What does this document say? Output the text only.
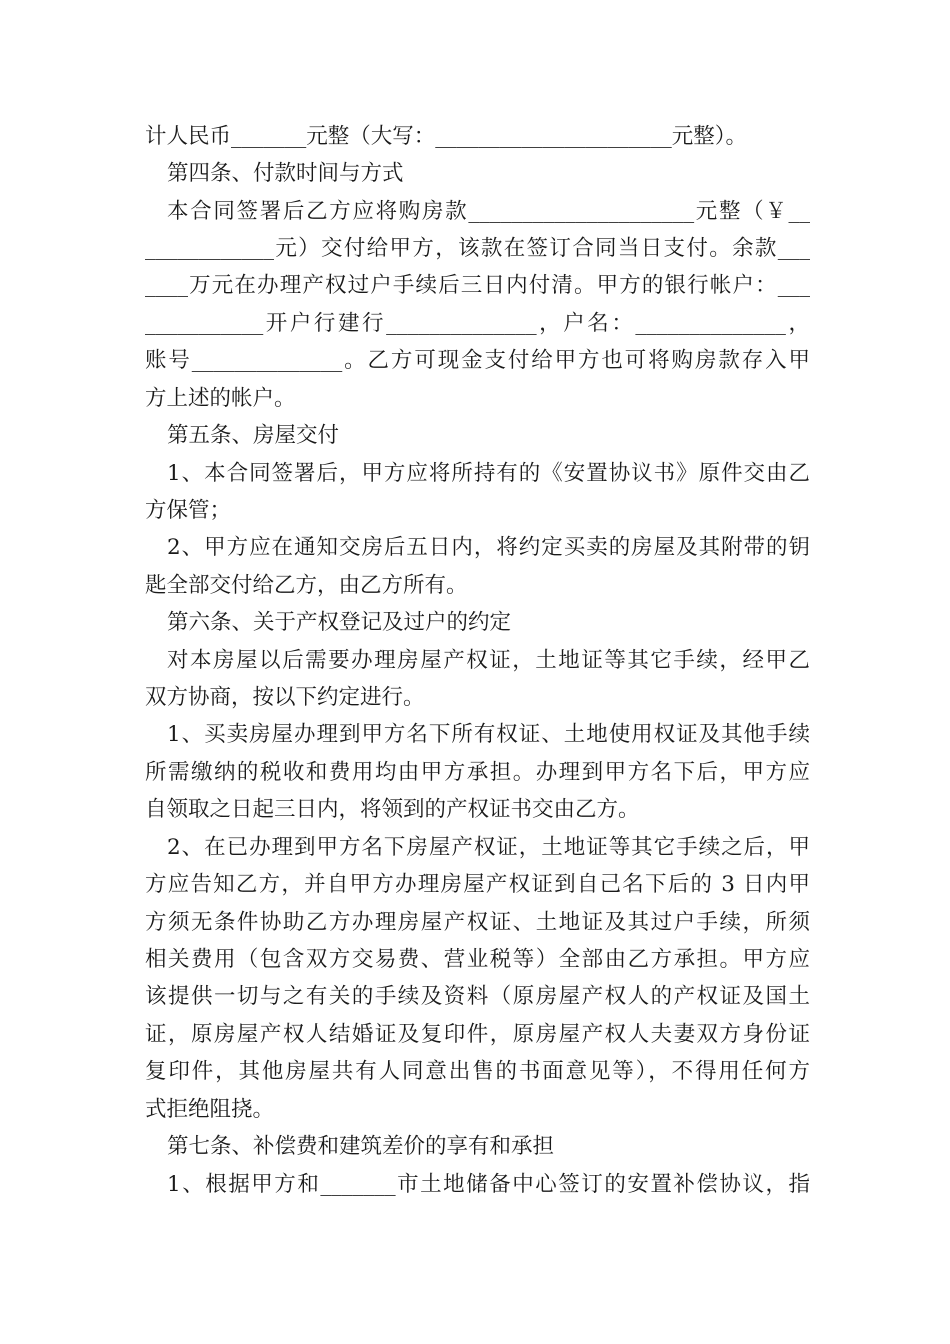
计人民币_______元整（大写：______________________元整）。
第四条、付款时间与方式
本合同签署后乙方应将购房款_____________________元整（￥__
____________元）交付给甲方，该款在签订合同当日支付。余款___
____万元在办理产权过户手续后三日内付清。甲方的银行帐户：___
___________开户行建行______________，户名：______________，
账号______________。乙方可现金支付给甲方也可将购房款存入甲
方上述的帐户。
第五条、房屋交付
1、本合同签署后，甲方应将所持有的《安置协议书》原件交由乙
方保管；
2、甲方应在通知交房后五日内，将约定买卖的房屋及其附带的钥
匙全部交付给乙方，由乙方所有。
第六条、关于产权登记及过户的约定
对本房屋以后需要办理房屋产权证，土地证等其它手续，经甲乙
双方协商，按以下约定进行。
1、买卖房屋办理到甲方名下所有权证、土地使用权证及其他手续
所需缴纳的税收和费用均由甲方承担。办理到甲方名下后，甲方应
自领取之日起三日内，将领到的产权证书交由乙方。
2、在已办理到甲方名下房屋产权证，土地证等其它手续之后，甲
方应告知乙方，并自甲方办理房屋产权证到自己名下后的 3 日内甲
方须无条件协助乙方办理房屋产权证、土地证及其过户手续，所须
相关费用（包含双方交易费、营业税等）全部由乙方承担。甲方应
该提供一切与之有关的手续及资料（原房屋产权人的产权证及国土
证，原房屋产权人结婚证及复印件，原房屋产权人夫妻双方身份证
复印件，其他房屋共有人同意出售的书面意见等），不得用任何方
式拒绝阻挠。
第七条、补偿费和建筑差价的享有和承担
1、根据甲方和_______市土地储备中心签订的安置补偿协议，指
